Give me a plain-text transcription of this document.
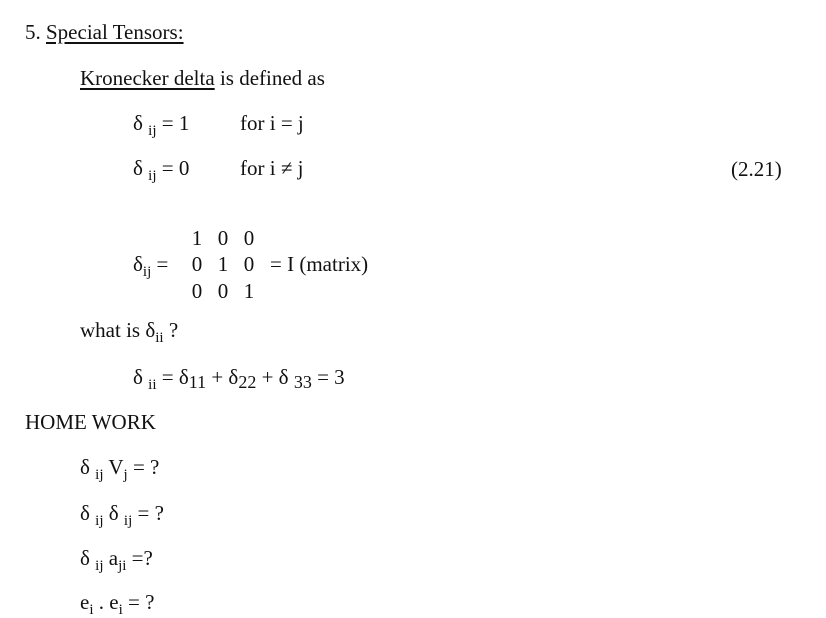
5. Special Tensors:
Kronecker delta is defined as
δ $_{ij}$ = 1 for i = j
δ $_{ij}$ = 0 for i ≠ j	(2.21)
$\delta_{ij}$ =
1 0 0
0 1 0
0 0 1
= I (matrix)
what is $\delta_{ii}$ ?
δ $_{ii}$ = δ11 + δ22 + δ 33 = 3
HOME WORK
δ $_{ij}$ $V_j$ = ?
δ $_{ij}$ δ $_{ij}$ = ?
δ $_{ij}$ $a_{ji}$ =?
$e_i$ . $e_i$ = ?
